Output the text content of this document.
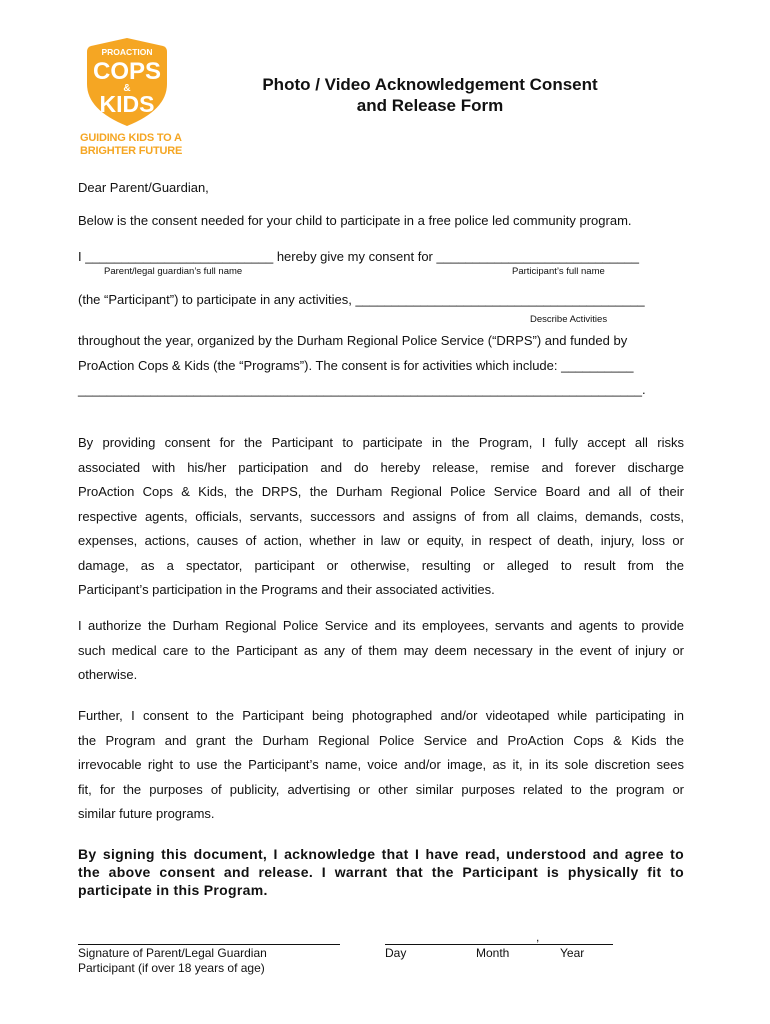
PROACTION
COPS
&
KIDS
GUIDING KIDS TO A
BRIGHTER FUTURE
Photo / Video Acknowledgement Consent
and Release Form
Dear Parent/Guardian,
Below is the consent needed for your child to participate in a free police led community program.
I __________________________ hereby give my consent for ____________________________
Parent/legal guardian’s full name	Participant’s full name
(the “Participant”) to participate in any activities, ________________________________________
Describe Activities
throughout the year, organized by the Durham Regional Police Service (“DRPS”) and funded by
ProAction Cops & Kids (the “Programs”). The consent is for activities which include: __________
______________________________________________________________________________.
By providing consent for the Participant to participate in the Program, I fully accept all risks
associated with his/her participation and do hereby release, remise and forever discharge
ProAction Cops & Kids, the DRPS, the Durham Regional Police Service Board and all of their
respective agents, officials, servants, successors and assigns of from all claims, demands, costs,
expenses, actions, causes of action, whether in law or equity, in respect of death, injury, loss or
damage, as a spectator, participant or otherwise, resulting or alleged to result from the
Participant’s participation in the Programs and their associated activities.
I authorize the Durham Regional Police Service and its employees, servants and agents to provide
such medical care to the Participant as any of them may deem necessary in the event of injury or
otherwise.
Further, I consent to the Participant being photographed and/or videotaped while participating in
the Program and grant the Durham Regional Police Service and ProAction Cops & Kids the
irrevocable right to use the Participant’s name, voice and/or image, as it, in its sole discretion sees
fit, for the purposes of publicity, advertising or other similar purposes related to the program or
similar future programs.
By signing this document, I acknowledge that I have read, understood and agree to
the above consent and release. I warrant that the Participant is physically fit to
participate in this Program.
Signature of Parent/Legal Guardian
Participant (if over 18 years of age)
,
Day	Month	Year
